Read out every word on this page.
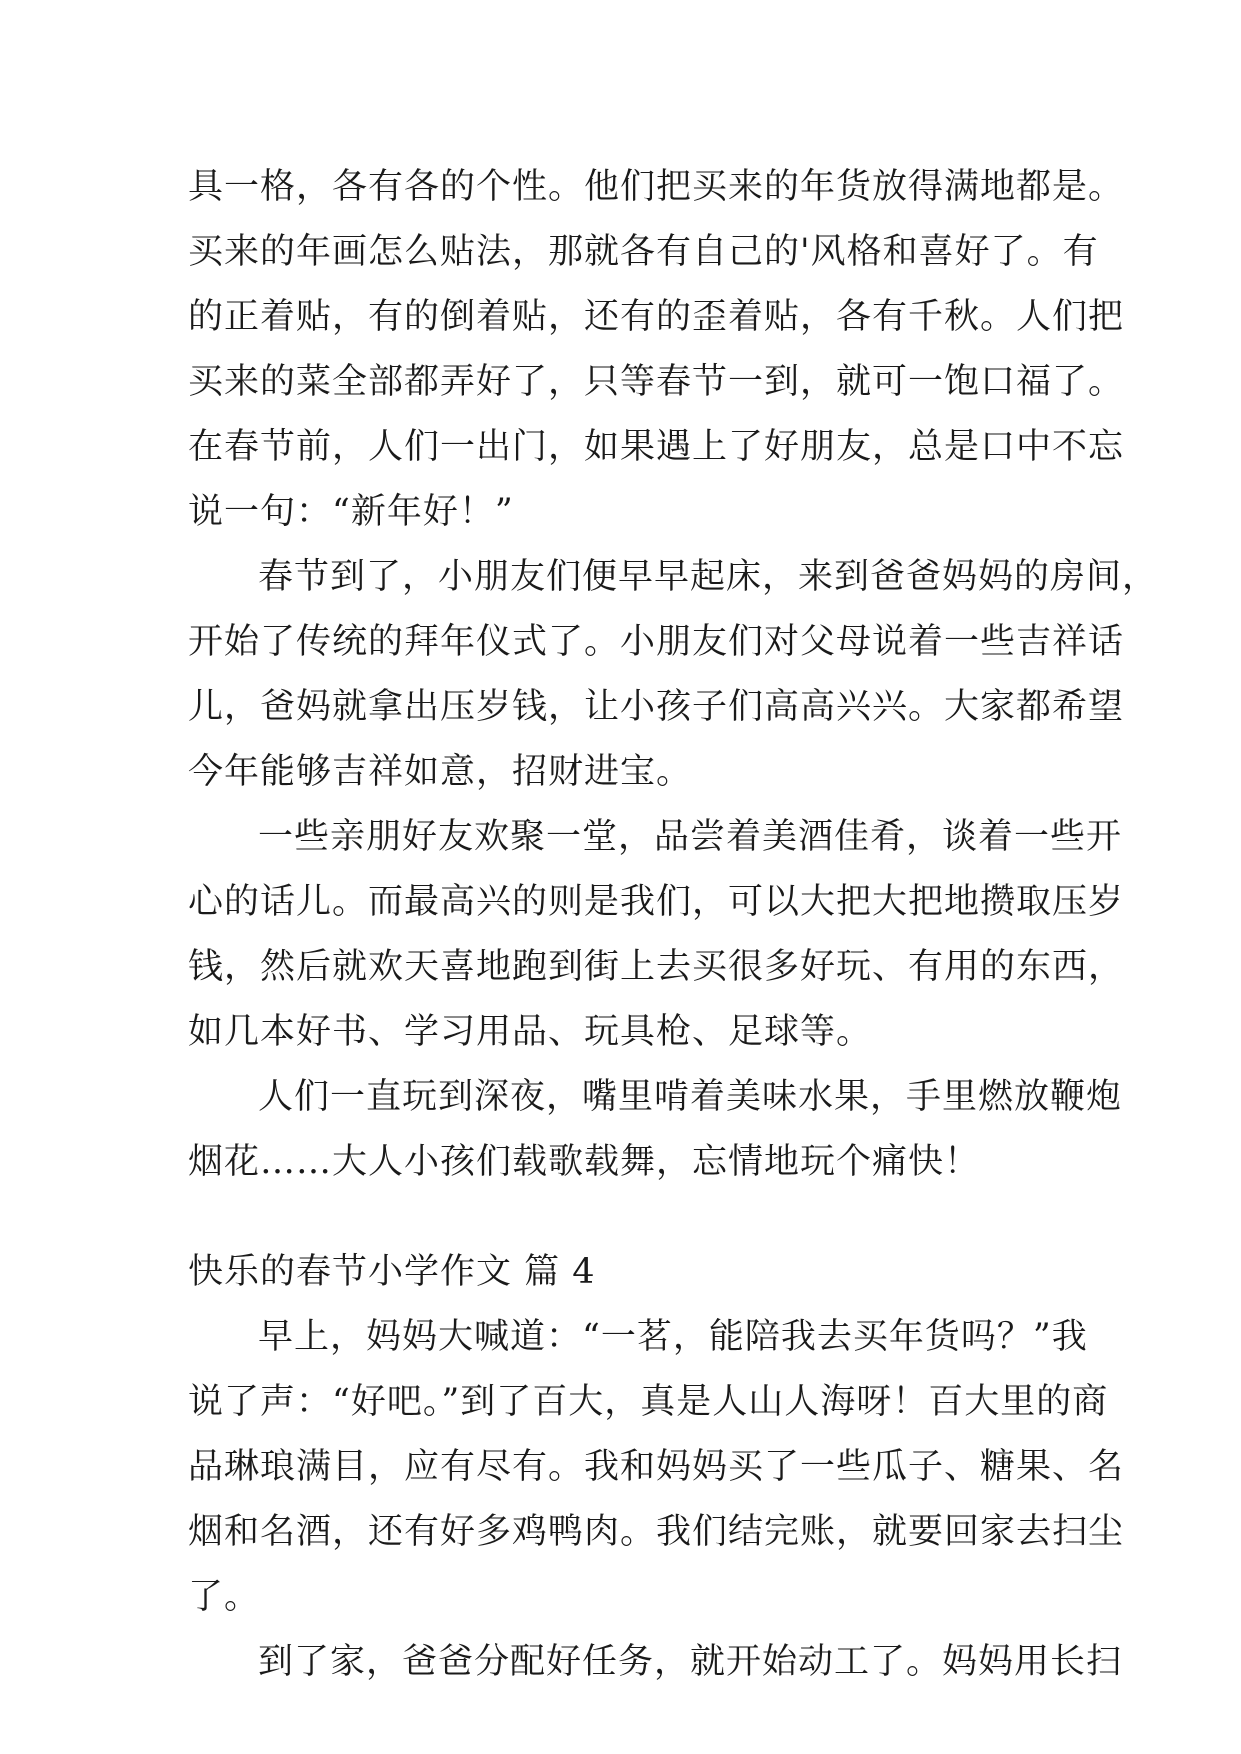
具一格，各有各的个性。他们把买来的年货放得满地都是。
买来的年画怎么贴法，那就各有自己的'风格和喜好了。有
的正着贴，有的倒着贴，还有的歪着贴，各有千秋。人们把
买来的菜全部都弄好了，只等春节一到，就可一饱口福了。
在春节前，人们一出门，如果遇上了好朋友，总是口中不忘
说一句：“新年好！”
春节到了，小朋友们便早早起床，来到爸爸妈妈的房间，
开始了传统的拜年仪式了。小朋友们对父母说着一些吉祥话
儿，爸妈就拿出压岁钱，让小孩子们高高兴兴。大家都希望
今年能够吉祥如意，招财进宝。
一些亲朋好友欢聚一堂，品尝着美酒佳肴，谈着一些开
心的话儿。而最高兴的则是我们，可以大把大把地攒取压岁
钱，然后就欢天喜地跑到街上去买很多好玩、有用的东西，
如几本好书、学习用品、玩具枪、足球等。
人们一直玩到深夜，嘴里啃着美味水果，手里燃放鞭炮
烟花……大人小孩们载歌载舞，忘情地玩个痛快！
快乐的春节小学作文 篇 4
早上，妈妈大喊道：“一茗，能陪我去买年货吗？”我
说了声：“好吧。”到了百大，真是人山人海呀！百大里的商
品琳琅满目，应有尽有。我和妈妈买了一些瓜子、糖果、名
烟和名酒，还有好多鸡鸭肉。我们结完账，就要回家去扫尘
了。
到了家，爸爸分配好任务，就开始动工了。妈妈用长扫
